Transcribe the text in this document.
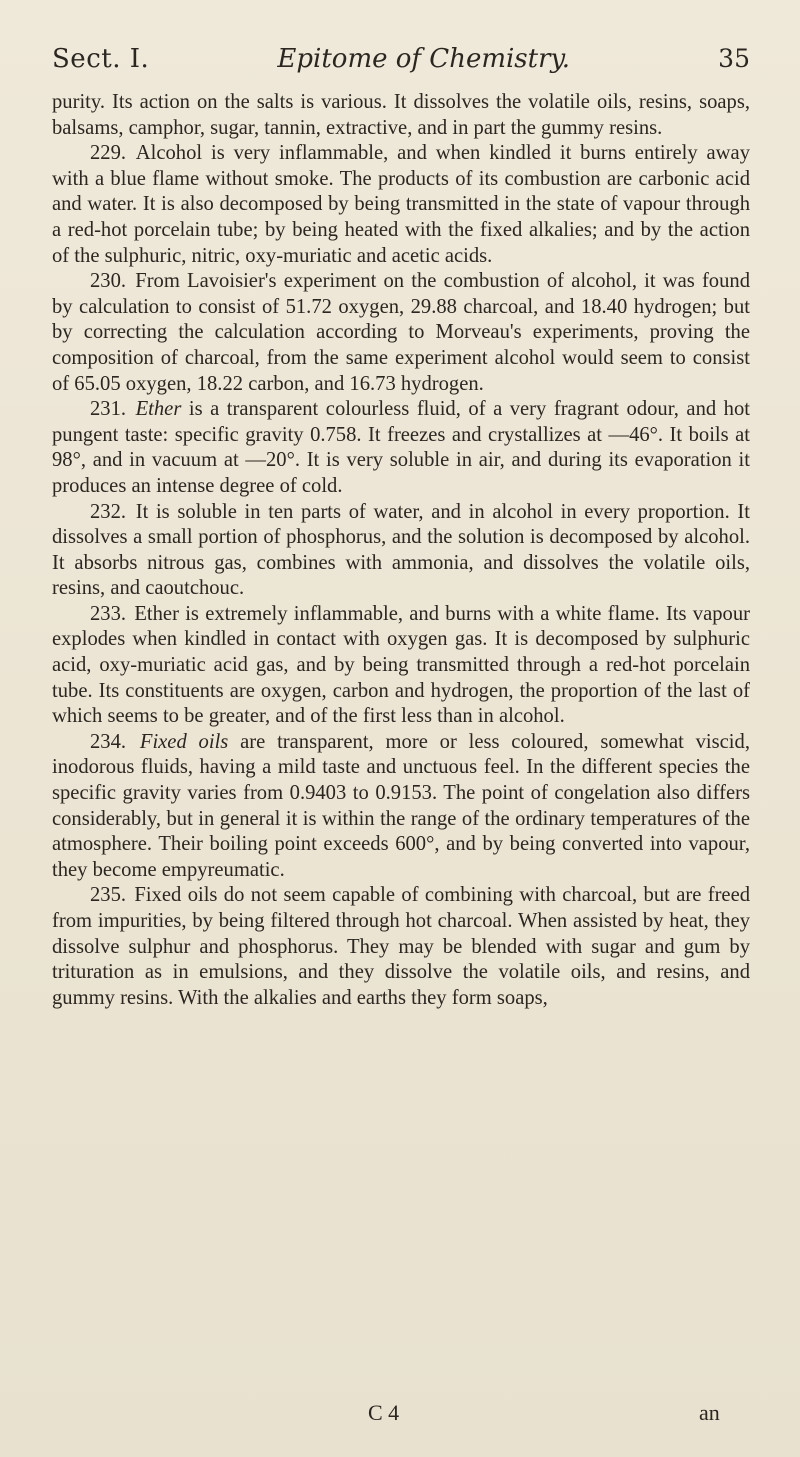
Sect. I.	Epitome of Chemistry.	35

purity. Its action on the salts is various. It dissolves the volatile oils, resins, soaps, balsams, camphor, sugar, tannin, extractive, and in part the gummy resins.

229. Alcohol is very inflammable, and when kindled it burns entirely away with a blue flame without smoke. The products of its combustion are carbonic acid and water. It is also decomposed by being transmitted in the state of vapour through a red-hot porcelain tube; by being heated with the fixed alkalies; and by the action of the sulphuric, nitric, oxy-muriatic and acetic acids.

230. From Lavoisier's experiment on the combustion of alcohol, it was found by calculation to consist of 51.72 oxygen, 29.88 charcoal, and 18.40 hydrogen; but by correcting the calculation according to Morveau's experiments, proving the composition of charcoal, from the same experiment alcohol would seem to consist of 65.05 oxygen, 18.22 carbon, and 16.73 hydrogen.

231. Ether is a transparent colourless fluid, of a very fragrant odour, and hot pungent taste: specific gravity 0.758. It freezes and crystallizes at —46°. It boils at 98°, and in vacuum at —20°. It is very soluble in air, and during its evaporation it produces an intense degree of cold.

232. It is soluble in ten parts of water, and in alcohol in every proportion. It dissolves a small portion of phosphorus, and the solution is decomposed by alcohol. It absorbs nitrous gas, combines with ammonia, and dissolves the volatile oils, resins, and caoutchouc.

233. Ether is extremely inflammable, and burns with a white flame. Its vapour explodes when kindled in contact with oxygen gas. It is decomposed by sulphuric acid, oxy-muriatic acid gas, and by being transmitted through a red-hot porcelain tube. Its constituents are oxygen, carbon and hydrogen, the proportion of the last of which seems to be greater, and of the first less than in alcohol.

234. Fixed oils are transparent, more or less coloured, somewhat viscid, inodorous fluids, having a mild taste and unctuous feel. In the different species the specific gravity varies from 0.9403 to 0.9153. The point of congelation also differs considerably, but in general it is within the range of the ordinary temperatures of the atmosphere. Their boiling point exceeds 600°, and by being converted into vapour, they become empyreumatic.

235. Fixed oils do not seem capable of combining with charcoal, but are freed from impurities, by being filtered through hot charcoal. When assisted by heat, they dissolve sulphur and phosphorus. They may be blended with sugar and gum by trituration as in emulsions, and they dissolve the volatile oils, and resins, and gummy resins. With the alkalies and earths they form soaps,

C 4	an
